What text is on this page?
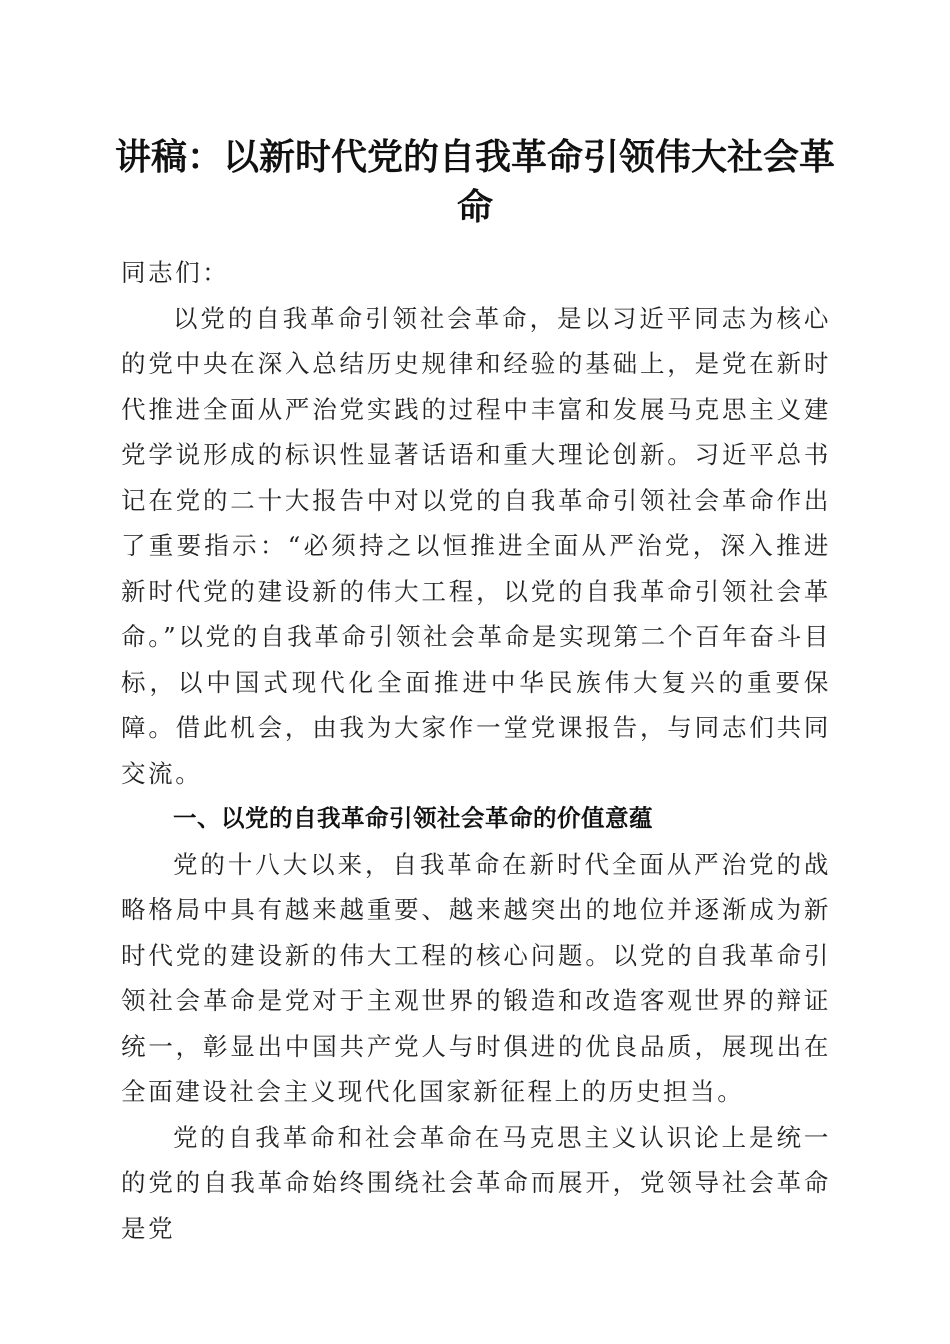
讲稿：以新时代党的自我革命引领伟大社会革命

同志们：

以党的自我革命引领社会革命，是以习近平同志为核心的党中央在深入总结历史规律和经验的基础上，是党在新时代推进全面从严治党实践的过程中丰富和发展马克思主义建党学说形成的标识性显著话语和重大理论创新。习近平总书记在党的二十大报告中对以党的自我革命引领社会革命作出了重要指示：“必须持之以恒推进全面从严治党，深入推进新时代党的建设新的伟大工程，以党的自我革命引领社会革命。”以党的自我革命引领社会革命是实现第二个百年奋斗目标，以中国式现代化全面推进中华民族伟大复兴的重要保障。借此机会，由我为大家作一堂党课报告，与同志们共同交流。

一、以党的自我革命引领社会革命的价值意蕴

党的十八大以来，自我革命在新时代全面从严治党的战略格局中具有越来越重要、越来越突出的地位并逐渐成为新时代党的建设新的伟大工程的核心问题。以党的自我革命引领社会革命是党对于主观世界的锻造和改造客观世界的辩证统一，彰显出中国共产党人与时俱进的优良品质，展现出在全面建设社会主义现代化国家新征程上的历史担当。

党的自我革命和社会革命在马克思主义认识论上是统一的党的自我革命始终围绕社会革命而展开，党领导社会革命是党
